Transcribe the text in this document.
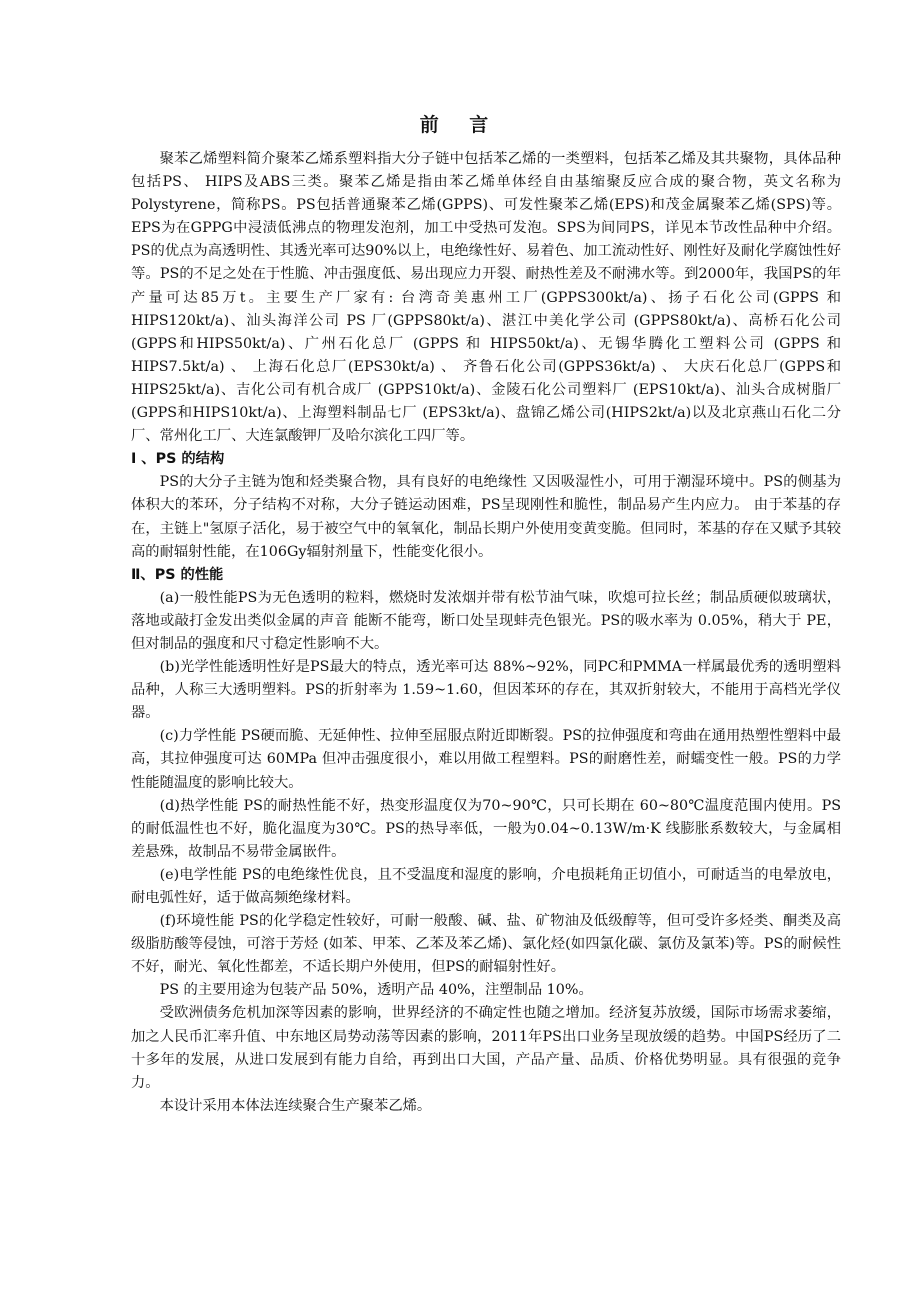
前 言

聚苯乙烯塑料简介聚苯乙烯系塑料指大分子链中包括苯乙烯的一类塑料，包括苯乙烯及其共聚物，具体品种包括PS、 HIPS及ABS三类。聚苯乙烯是指由苯乙烯单体经自由基缩聚反应合成的聚合物，英文名称为Polystyrene，简称PS。PS包括普通聚苯乙烯(GPPS)、可发性聚苯乙烯(EPS)和茂金属聚苯乙烯(SPS)等。EPS为在GPPG中浸渍低沸点的物理发泡剂，加工中受热可发泡。SPS为间同PS，详见本节改性品种中介绍。 PS的优点为高透明性、其透光率可达90%以上，电绝缘性好、易着色、加工流动性好、刚性好及耐化学腐蚀性好等。PS的不足之处在于性脆、冲击强度低、易出现应力开裂、耐热性差及不耐沸水等。到2000年，我国PS的年产量可达85万t。主要生产厂家有: 台湾奇美惠州工厂(GPPS300kt/a)、扬子石化公司(GPPS 和 HIPS120kt/a)、汕头海洋公司 PS 厂(GPPS80kt/a)、湛江中美化学公司 (GPPS80kt/a)、高桥石化公司 (GPPS和HIPS50kt/a)、广州石化总厂 (GPPS 和 HIPS50kt/a)、无锡华腾化工塑料公司 (GPPS 和 HIPS7.5kt/a) 、 上海石化总厂(EPS30kt/a) 、 齐鲁石化公司(GPPS36kt/a) 、 大庆石化总厂(GPPS和HIPS25kt/a)、吉化公司有机合成厂 (GPPS10kt/a)、金陵石化公司塑料厂 (EPS10kt/a)、汕头合成树脂厂(GPPS和HIPS10kt/a)、上海塑料制品七厂 (EPS3kt/a)、盘锦乙烯公司(HIPS2kt/a)以及北京燕山石化二分厂、常州化工厂、大连氯酸钾厂及哈尔滨化工四厂等。

Ⅰ 、PS 的结构

PS的大分子主链为饱和烃类聚合物，具有良好的电绝缘性 又因吸湿性小，可用于潮湿环境中。PS的侧基为体积大的苯环，分子结构不对称，大分子链运动困难，PS呈现刚性和脆性，制品易产生内应力。 由于苯基的存在，主链上"氢原子活化，易于被空气中的氧氧化，制品长期户外使用变黄变脆。但同时，苯基的存在又赋予其较高的耐辐射性能，在106Gy辐射剂量下，性能变化很小。

Ⅱ、PS 的性能

(a)一般性能PS为无色透明的粒料，燃烧时发浓烟并带有松节油气味，吹熄可拉长丝；制品质硬似玻璃状，落地或敲打金发出类似金属的声音 能断不能弯，断口处呈现蚌壳色银光。PS的吸水率为 0.05%，稍大于 PE，但对制品的强度和尺寸稳定性影响不大。

(b)光学性能透明性好是PS最大的特点，透光率可达 88%~92%，同PC和PMMA一样属最优秀的透明塑料品种，人称三大透明塑料。PS的折射率为 1.59~1.60，但因苯环的存在，其双折射较大，不能用于高档光学仪器。

(c)力学性能 PS硬而脆、无延伸性、拉伸至屈服点附近即断裂。PS的拉伸强度和弯曲在通用热塑性塑料中最高，其拉伸强度可达 60MPa 但冲击强度很小，难以用做工程塑料。PS的耐磨性差，耐蠕变性一般。PS的力学性能随温度的影响比较大。

(d)热学性能 PS的耐热性能不好，热变形温度仅为70~90℃，只可长期在 60~80℃温度范围内使用。PS的耐低温性也不好，脆化温度为30℃。PS的热导率低，一般为0.04~0.13W/m·K 线膨胀系数较大，与金属相差悬殊，故制品不易带金属嵌件。

(e)电学性能 PS的电绝缘性优良，且不受温度和湿度的影响，介电损耗角正切值小，可耐适当的电晕放电，耐电弧性好，适于做高频绝缘材料。

(f)环境性能 PS的化学稳定性较好，可耐一般酸、碱、盐、矿物油及低级醇等，但可受许多烃类、酮类及高级脂肪酸等侵蚀，可溶于芳烃 (如苯、甲苯、乙苯及苯乙烯)、氯化烃(如四氯化碳、氯仿及氯苯)等。PS的耐候性不好，耐光、氧化性都差，不适长期户外使用，但PS的耐辐射性好。

PS 的主要用途为包装产品 50%，透明产品 40%，注塑制品 10%。

受欧洲债务危机加深等因素的影响，世界经济的不确定性也随之增加。经济复苏放缓，国际市场需求萎缩，加之人民币汇率升值、中东地区局势动荡等因素的影响，2011年PS出口业务呈现放缓的趋势。中国PS经历了二十多年的发展，从进口发展到有能力自给，再到出口大国，产品产量、品质、价格优势明显。具有很强的竞争力。

本设计采用本体法连续聚合生产聚苯乙烯。
